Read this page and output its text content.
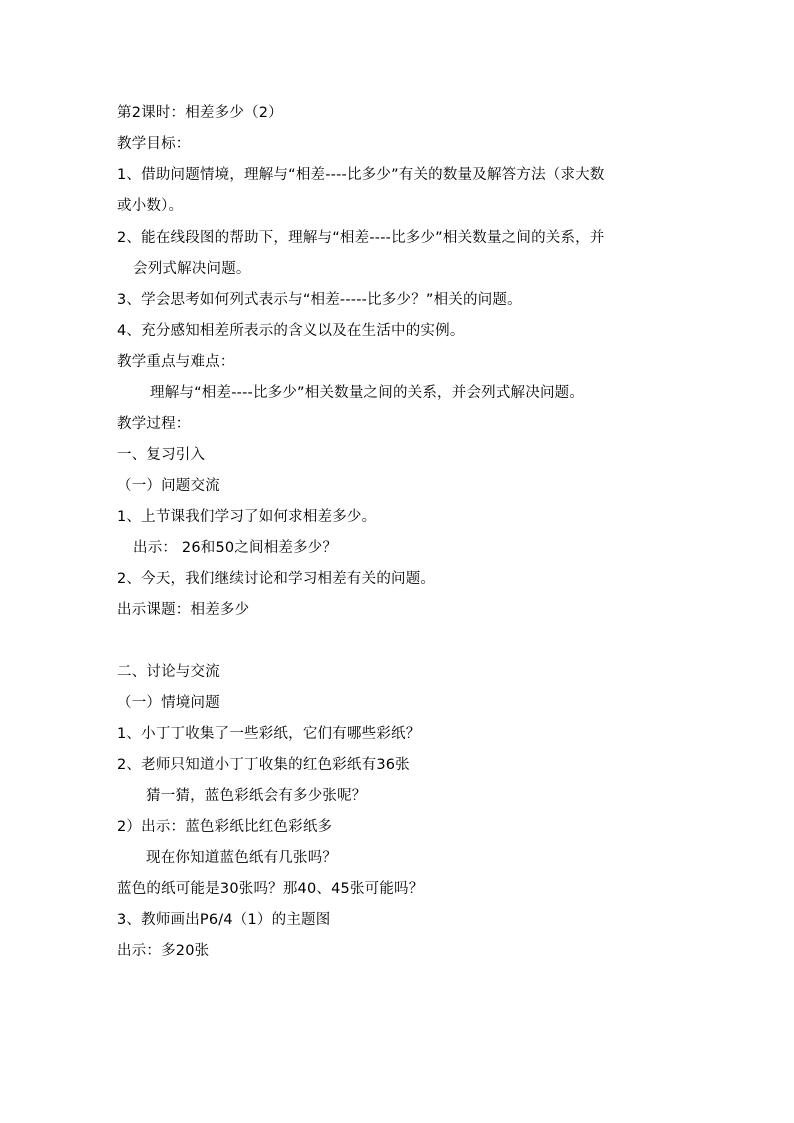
第2课时：相差多少（2）
教学目标：
1、借助问题情境，理解与“相差----比多少”有关的数量及解答方法（求大数
或小数）。
2、能在线段图的帮助下，理解与“相差----比多少”相关数量之间的关系，并
会列式解决问题。
3、学会思考如何列式表示与“相差-----比多少？”相关的问题。
4、充分感知相差所表示的含义以及在生活中的实例。
教学重点与难点：
理解与“相差----比多少”相关数量之间的关系，并会列式解决问题。
教学过程：
一、复习引入
（一）问题交流
1、上节课我们学习了如何求相差多少。
出示： 26和50之间相差多少？
2、今天，我们继续讨论和学习相差有关的问题。
出示课题：相差多少
二、讨论与交流
（一）情境问题
1、小丁丁收集了一些彩纸，它们有哪些彩纸？
2、老师只知道小丁丁收集的红色彩纸有36张
猜一猜，蓝色彩纸会有多少张呢？
2）出示：蓝色彩纸比红色彩纸多
现在你知道蓝色纸有几张吗？
蓝色的纸可能是30张吗？那40、45张可能吗？
3、教师画出P6/4（1）的主题图
出示：多20张
